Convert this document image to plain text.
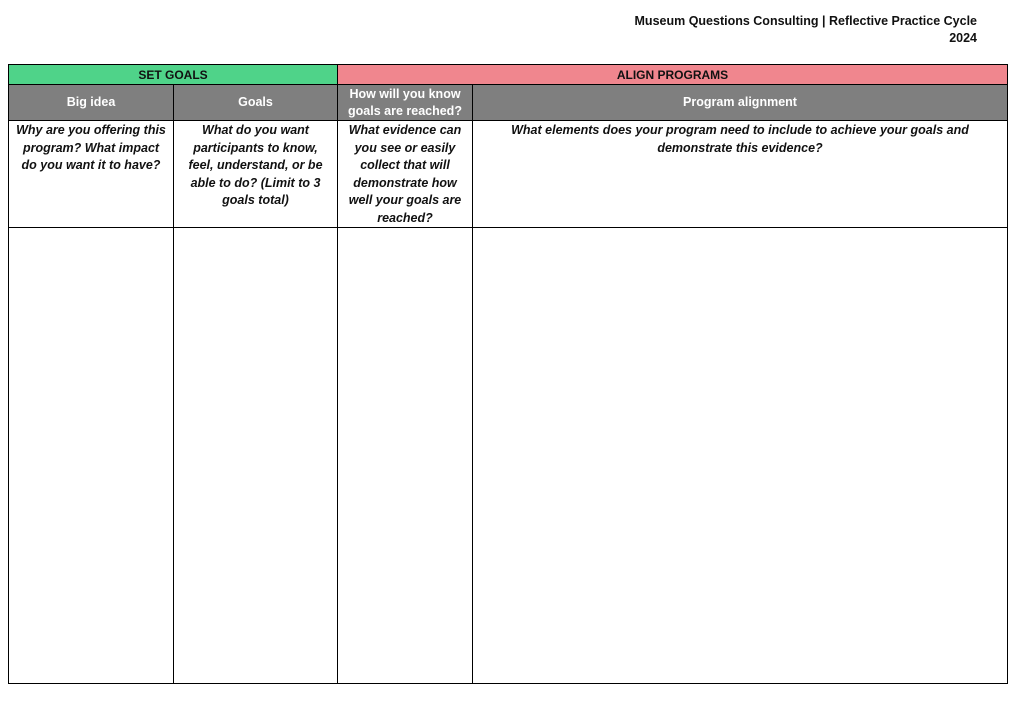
Museum Questions Consulting | Reflective Practice Cycle
2024
SET GOALS		ALIGN PROGRAMS	
Big idea	Goals	How will you know goals are reached?	Program alignment
Why are you offering this program? What impact do you want it to have?	What do you want participants to know, feel, understand, or be able to do? (Limit to 3 goals total)	What evidence can you see or easily collect that will demonstrate how well your goals are reached?	What elements does your program need to include to achieve your goals and demonstrate this evidence?
